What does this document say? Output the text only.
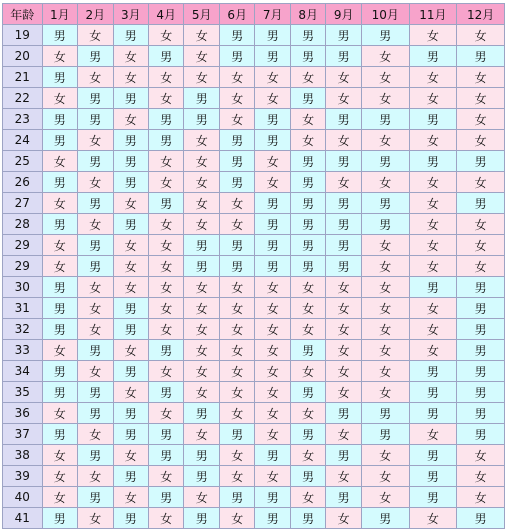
年龄	1月	2月	3月	4月	5月	6月	7月	8月	9月	10月	11月	12月
19	男	女	男	女	女	男	男	男	男	男	女	女
20	女	男	女	男	女	男	男	男	男	女	男	男
21	男	女	女	女	女	女	女	女	女	女	女	女
22	女	男	男	女	男	女	女	男	女	女	女	女
23	男	男	女	男	男	女	男	女	男	男	男	女
24	男	女	男	男	女	男	男	女	女	女	女	女
25	女	男	男	女	女	男	女	男	男	男	男	男
26	男	女	男	女	女	男	女	男	女	女	女	女
27	女	男	女	男	女	女	男	男	男	男	女	男
28	男	女	男	女	女	女	男	男	男	男	女	女
29	女	男	女	女	男	男	男	男	男	女	女	女
29	女	男	女	女	男	男	男	男	男	女	女	女
30	男	女	女	女	女	女	女	女	女	女	男	男
31	男	女	男	女	女	女	女	女	女	女	女	男
32	男	女	男	女	女	女	女	女	女	女	女	男
33	女	男	女	男	女	女	女	男	女	女	女	男
34	男	女	男	女	女	女	女	女	女	女	男	男
35	男	男	女	男	女	女	女	男	女	女	男	男
36	女	男	男	女	男	女	女	女	男	男	男	男
37	男	女	男	男	女	男	女	男	女	男	女	男
38	女	男	女	男	男	女	男	女	男	女	男	女
39	女	女	男	女	男	女	女	男	女	女	男	女
40	女	男	女	男	女	男	男	女	男	女	男	女
41	男	女	男	女	男	女	男	男	女	男	女	男
